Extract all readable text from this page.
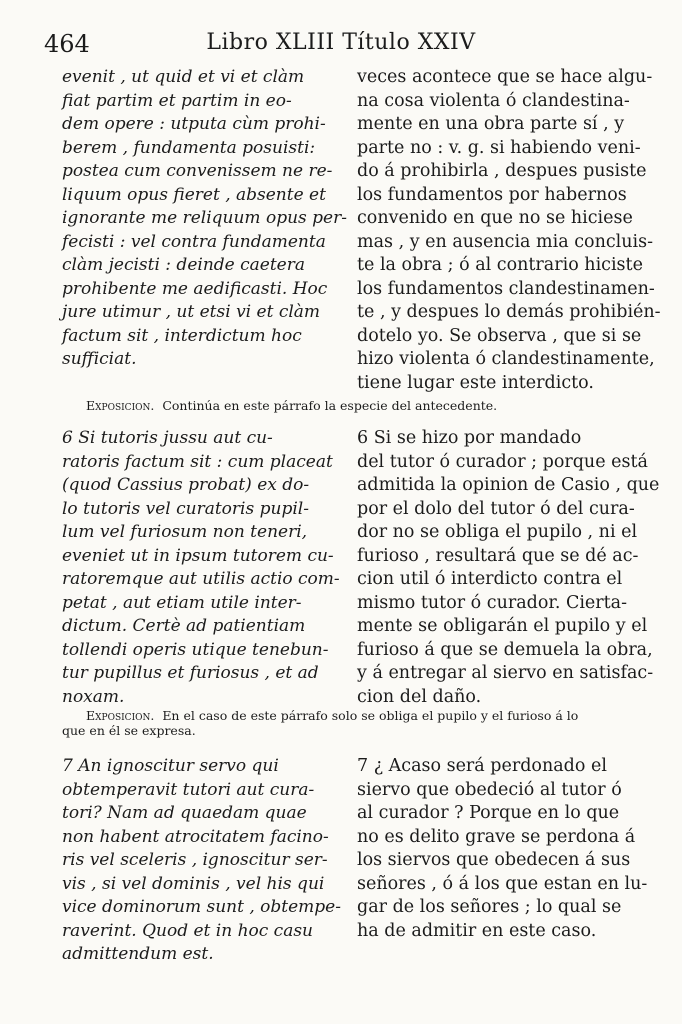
464	Libro XLIII Título XXIV
evenit , ut quid et vi et clàm
fiat partim et partim in eo-
dem opere : utputa cùm prohi-
berem , fundamenta posuisti:
postea cum convenissem ne re-
liquum opus fieret , absente et
ignorante me reliquum opus per-
fecisti : vel contra fundamenta
clàm jecisti : deinde caetera
prohibente me aedificasti. Hoc
jure utimur , ut etsi vi et clàm
factum sit , interdictum hoc
sufficiat.
veces acontece que se hace algu-
na cosa violenta ó clandestina-
mente en una obra parte sí , y
parte no : v. g. si habiendo veni-
do á prohibirla , despues pusiste
los fundamentos por habernos
convenido en que no se hiciese
mas , y en ausencia mia concluis-
te la obra ; ó al contrario hiciste
los fundamentos clandestinamen-
te , y despues lo demás prohibién-
dotelo yo. Se observa , que si se
hizo violenta ó clandestinamente,
tiene lugar este interdicto.
Exposicion. Continúa en este párrafo la especie del antecedente.
6 Si tutoris jussu aut cu-
ratoris factum sit : cum placeat
(quod Cassius probat) ex do-
lo tutoris vel curatoris pupil-
lum vel furiosum non teneri,
eveniet ut in ipsum tutorem cu-
ratoremque aut utilis actio com-
petat , aut etiam utile inter-
dictum. Certè ad patientiam
tollendi operis utique tenebun-
tur pupillus et furiosus , et ad
noxam.
6 Si se hizo por mandado
del tutor ó curador ; porque está
admitida la opinion de Casio , que
por el dolo del tutor ó del cura-
dor no se obliga el pupilo , ni el
furioso , resultará que se dé ac-
cion util ó interdicto contra el
mismo tutor ó curador. Cierta-
mente se obligarán el pupilo y el
furioso á que se demuela la obra,
y á entregar al siervo en satisfac-
cion del daño.
Exposicion. En el caso de este párrafo solo se obliga el pupilo y el furioso á lo
que en él se expresa.
7 An ignoscitur servo qui
obtemperavit tutori aut cura-
tori? Nam ad quaedam quae
non habent atrocitatem facino-
ris vel sceleris , ignoscitur ser-
vis , si vel dominis , vel his qui
vice dominorum sunt , obtempe-
raverint. Quod et in hoc casu
admittendum est.
7 ¿ Acaso será perdonado el
siervo que obedeció al tutor ó
al curador ? Porque en lo que
no es delito grave se perdona á
los siervos que obedecen á sus
señores , ó á los que estan en lu-
gar de los señores ; lo qual se
ha de admitir en este caso.
